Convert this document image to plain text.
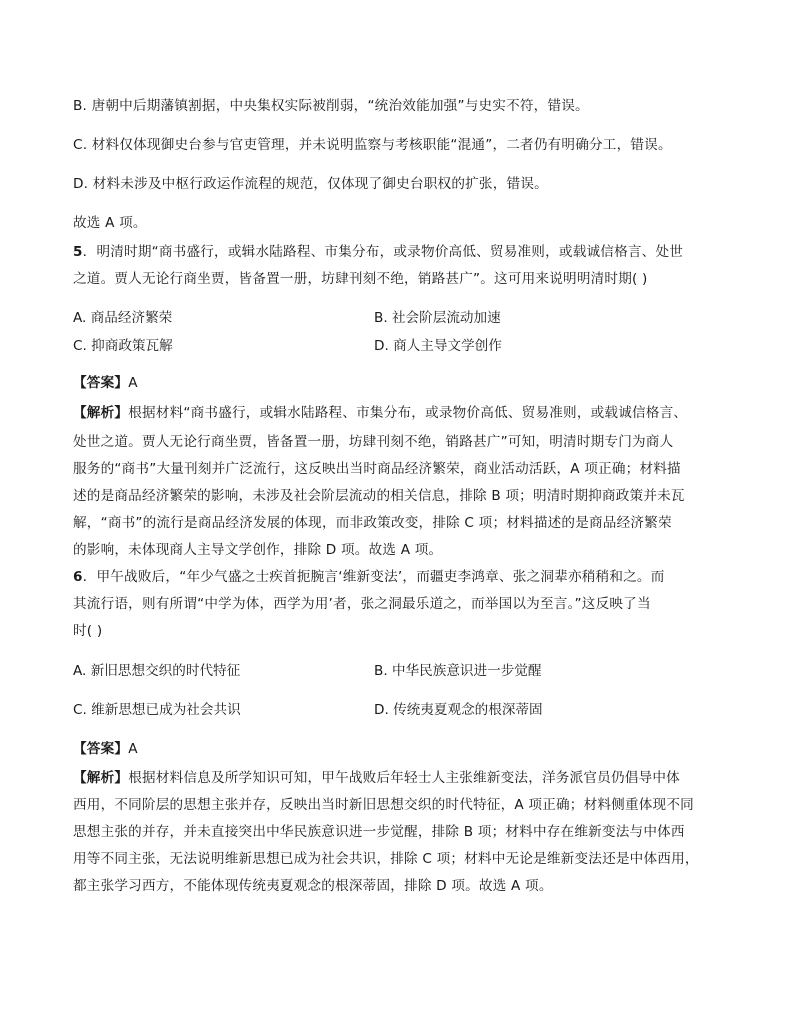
B. 唐朝中后期藩镇割据，中央集权实际被削弱，“统治效能加强”与史实不符，错误。
C. 材料仅体现御史台参与官吏管理，并未说明监察与考核职能“混通”，二者仍有明确分工，错误。
D. 材料未涉及中枢行政运作流程的规范，仅体现了御史台职权的扩张，错误。
故选 A 项。
5．明清时期“商书盛行，或辑水陆路程、市集分布，或录物价高低、贸易准则，或载诚信格言、处世
之道。贾人无论行商坐贾，皆备置一册，坊肆刊刻不绝，销路甚广”。这可用来说明明清时期( )
A. 商品经济繁荣	B. 社会阶层流动加速
C. 抑商政策瓦解	D. 商人主导文学创作
【答案】A
【解析】根据材料“商书盛行，或辑水陆路程、市集分布，或录物价高低、贸易准则，或载诚信格言、
处世之道。贾人无论行商坐贾，皆备置一册，坊肆刊刻不绝，销路甚广”可知，明清时期专门为商人
服务的“商书”大量刊刻并广泛流行，这反映出当时商品经济繁荣，商业活动活跃，A 项正确；材料描
述的是商品经济繁荣的影响，未涉及社会阶层流动的相关信息，排除 B 项；明清时期抑商政策并未瓦
解，“商书”的流行是商品经济发展的体现，而非政策改变，排除 C 项；材料描述的是商品经济繁荣
的影响，未体现商人主导文学创作，排除 D 项。故选 A 项。
6．甲午战败后，“年少气盛之士疾首扼腕言‘维新变法’，而疆吏李鸿章、张之洞辈亦稍稍和之。而
其流行语，则有所谓“中学为体，西学为用’者，张之洞最乐道之，而举国以为至言。”这反映了当
时( )
A. 新旧思想交织的时代特征	B. 中华民族意识进一步觉醒
C. 维新思想已成为社会共识	D. 传统夷夏观念的根深蒂固
【答案】A
【解析】根据材料信息及所学知识可知，甲午战败后年轻士人主张维新变法，洋务派官员仍倡导中体
西用，不同阶层的思想主张并存，反映出当时新旧思想交织的时代特征，A 项正确；材料侧重体现不同
思想主张的并存，并未直接突出中华民族意识进一步觉醒，排除 B 项；材料中存在维新变法与中体西
用等不同主张，无法说明维新思想已成为社会共识，排除 C 项；材料中无论是维新变法还是中体西用，
都主张学习西方，不能体现传统夷夏观念的根深蒂固，排除 D 项。故选 A 项。
